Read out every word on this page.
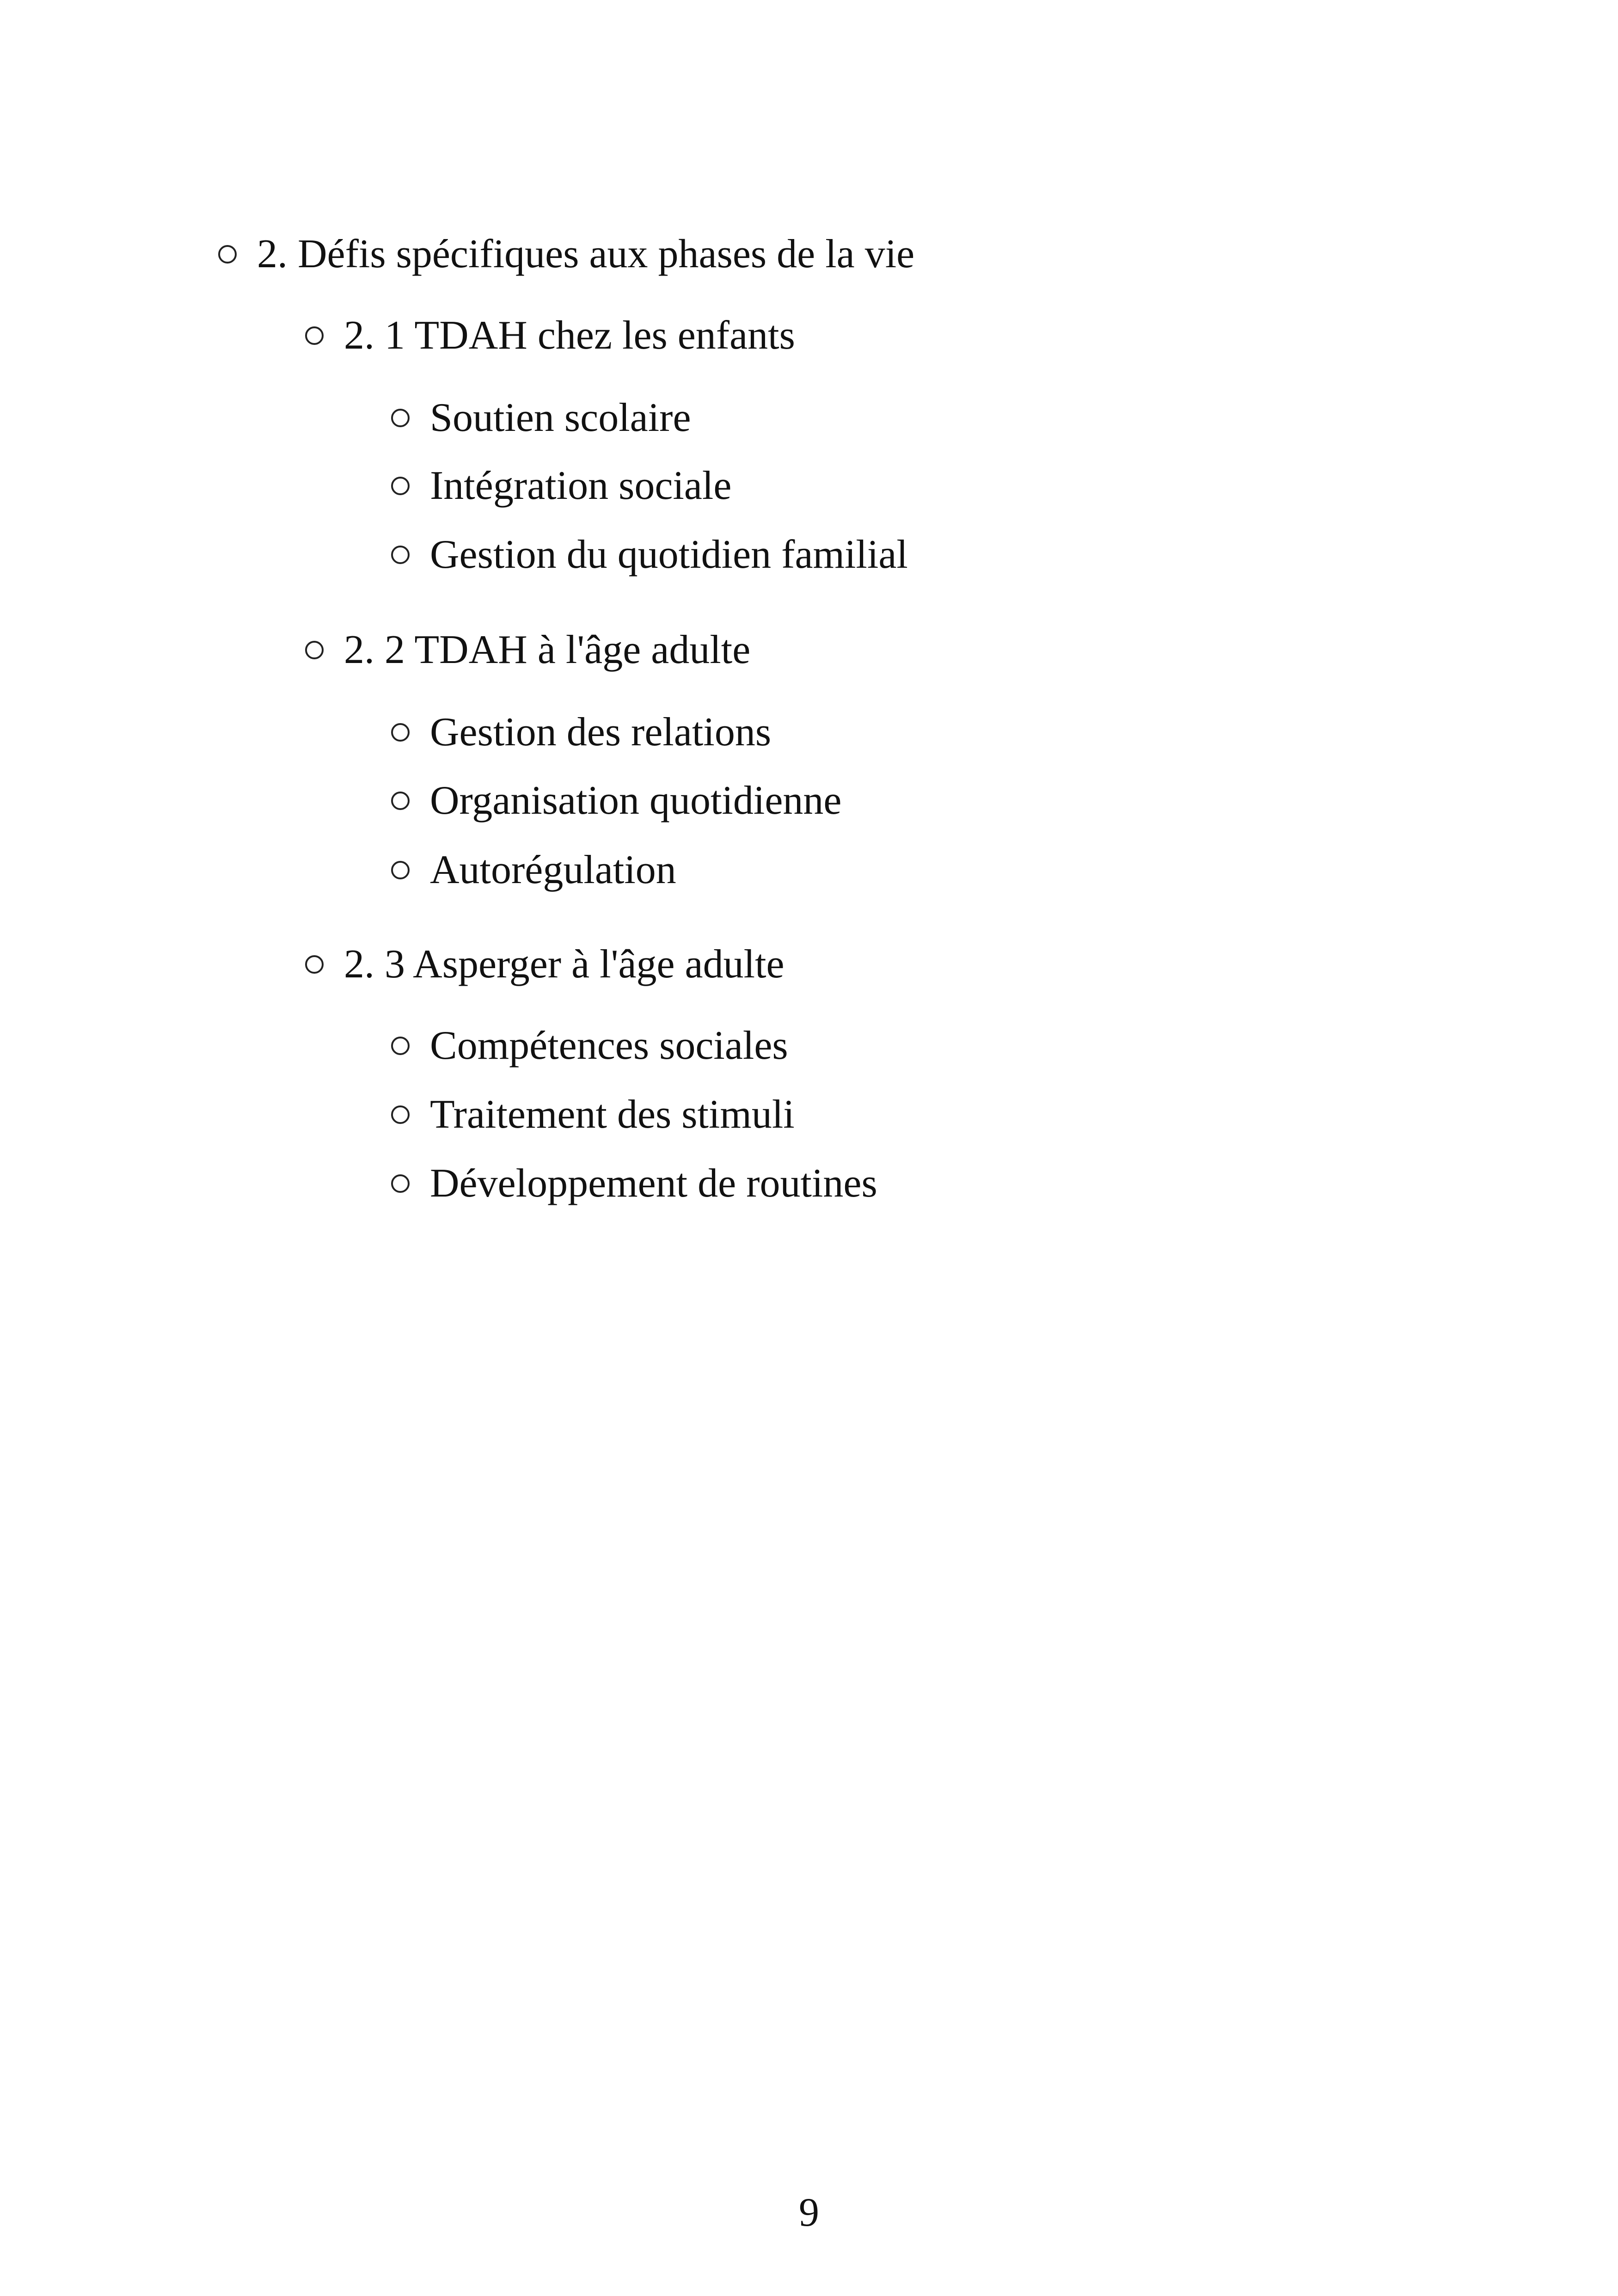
2. Défis spécifiques aux phases de la vie
2. 1 TDAH chez les enfants
Soutien scolaire
Intégration sociale
Gestion du quotidien familial
2. 2 TDAH à l'âge adulte
Gestion des relations
Organisation quotidienne
Autorégulation
2. 3 Asperger à l'âge adulte
Compétences sociales
Traitement des stimuli
Développement de routines
9
